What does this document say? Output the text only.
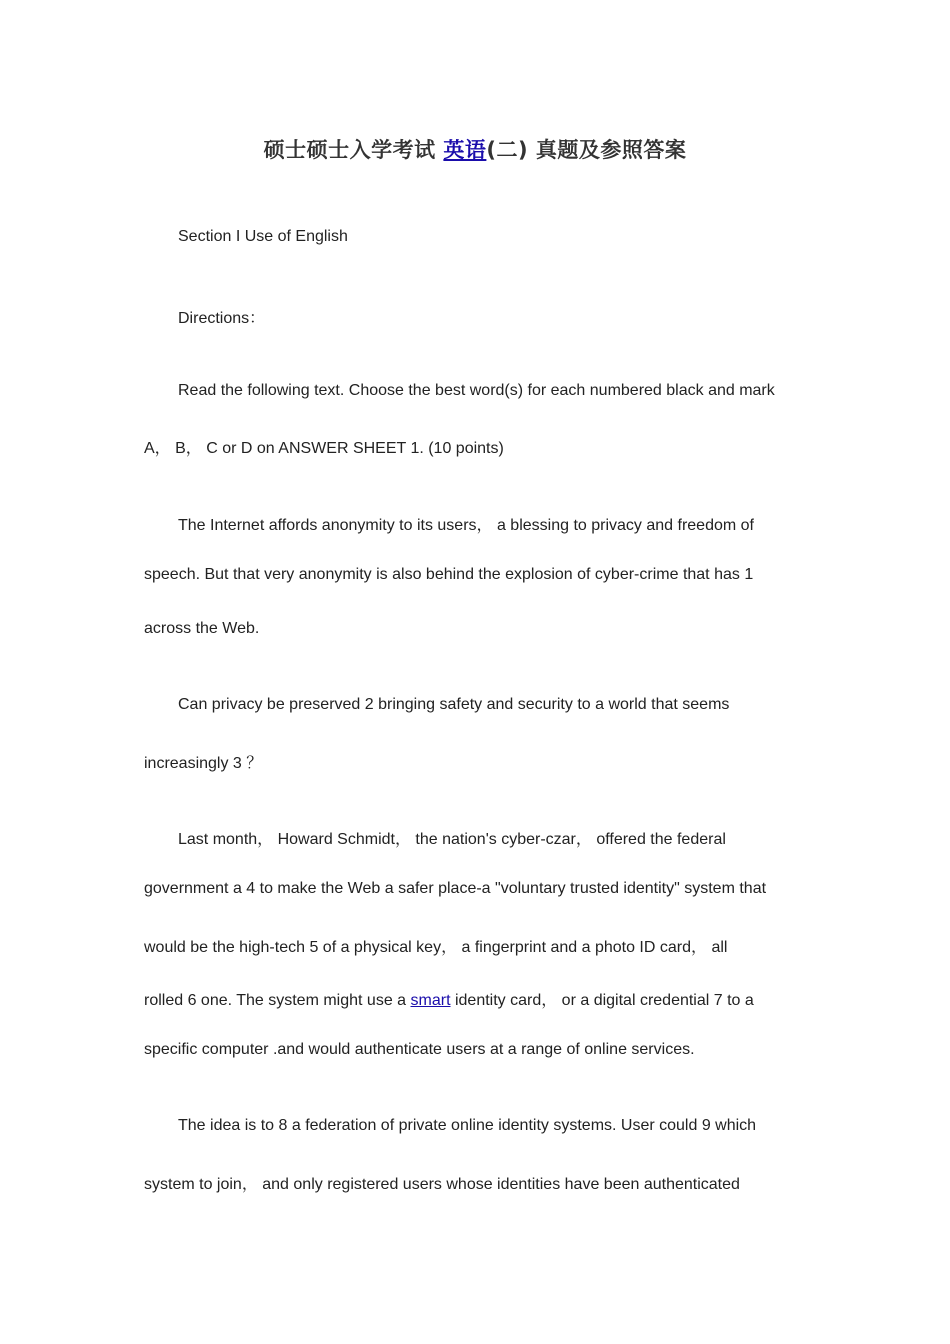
硕士硕士入学考试 英语(二) 真题及参照答案
Section I Use of English
Directions：
Read the following text. Choose the best word(s) for each numbered black and mark
A， B， C or D on ANSWER SHEET 1. (10 points)
The Internet affords anonymity to its users， a blessing to privacy and freedom of
speech. But that very anonymity is also behind the explosion of cyber-crime that has 1
across the Web.
Can privacy be preserved 2 bringing safety and security to a world that seems
increasingly 3 ？
Last month， Howard Schmidt， the nation's cyber-czar， offered the federal
government a 4 to make the Web a safer place-a "voluntary trusted identity" system that
would be the high-tech 5 of a physical key， a fingerprint and a photo ID card， all
rolled 6 one. The system might use a smart identity card， or a digital credential 7 to a
specific computer .and would authenticate users at a range of online services.
The idea is to 8 a federation of private online identity systems. User could 9 which
system to join， and only registered users whose identities have been authenticated
